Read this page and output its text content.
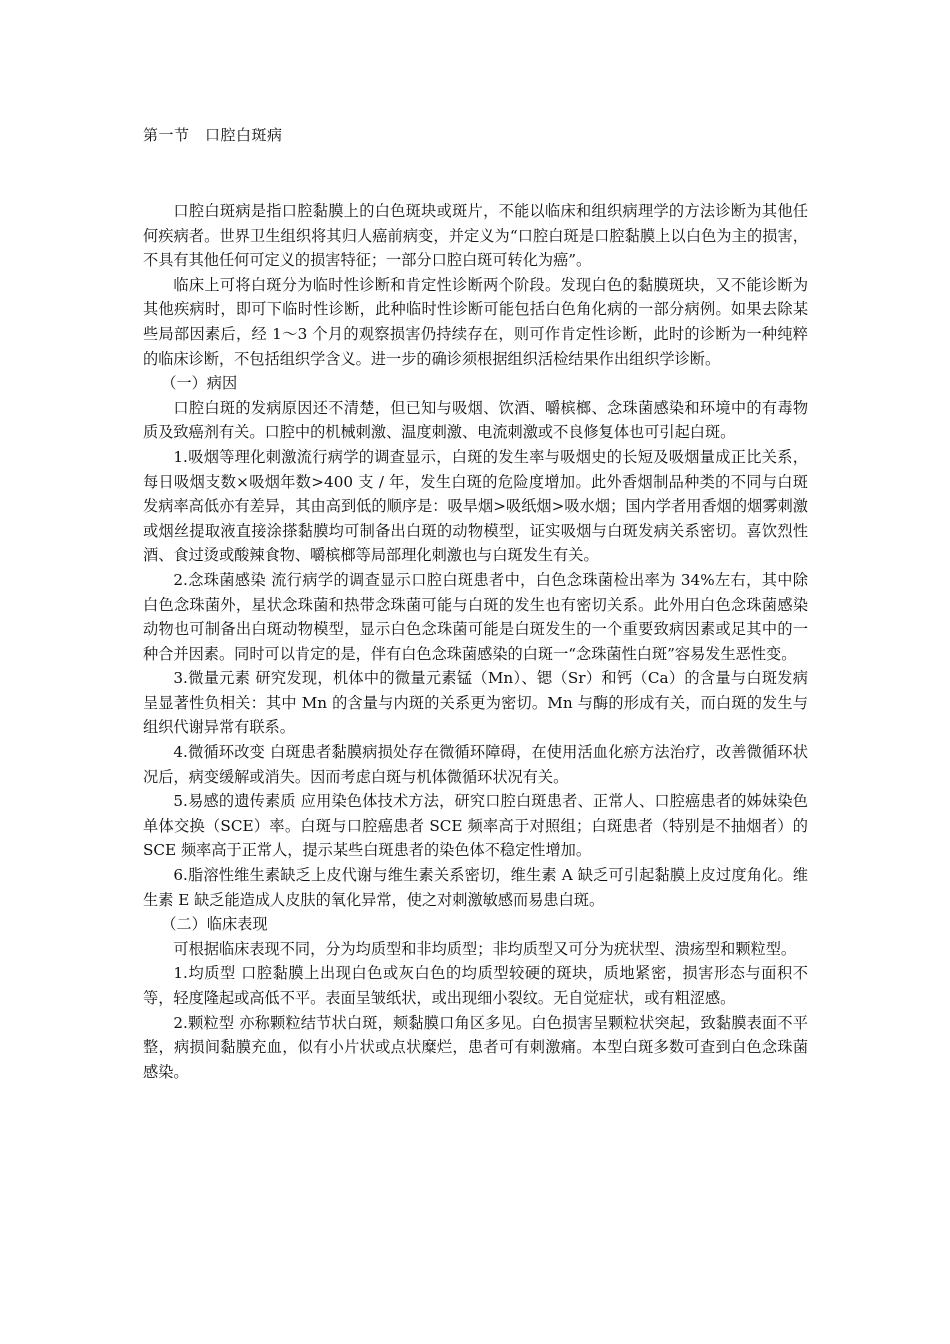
第一节　口腔白斑病

口腔白斑病是指口腔黏膜上的白色斑块或斑片，不能以临床和组织病理学的方法诊断为其他任何疾病者。世界卫生组织将其归人癌前病变，并定义为“口腔白斑是口腔黏膜上以白色为主的损害，不具有其他任何可定义的损害特征；一部分口腔白斑可转化为癌”。

临床上可将白斑分为临时性诊断和肯定性诊断两个阶段。发现白色的黏膜斑块，又不能诊断为其他疾病时，即可下临时性诊断，此种临时性诊断可能包括白色角化病的一部分病例。如果去除某些局部因素后，经 1～3 个月的观察损害仍持续存在，则可作肯定性诊断，此时的诊断为一种纯粹的临床诊断，不包括组织学含义。进一步的确诊须根据组织活检结果作出组织学诊断。

（一）病因

口腔白斑的发病原因还不清楚，但已知与吸烟、饮酒、嚼槟榔、念珠菌感染和环境中的有毒物质及致癌剂有关。口腔中的机械刺激、温度刺激、电流刺激或不良修复体也可引起白斑。

1.吸烟等理化刺激流行病学的调查显示，白斑的发生率与吸烟史的长短及吸烟量成正比关系，每日吸烟支数×吸烟年数>400 支 / 年，发生白斑的危险度增加。此外香烟制品种类的不同与白斑发病率高低亦有差异，其由高到低的顺序是：吸旱烟>吸纸烟>吸水烟；国内学者用香烟的烟雾刺激或烟丝提取液直接涂搽黏膜均可制备出白斑的动物模型，证实吸烟与白斑发病关系密切。喜饮烈性酒、食过烫或酸辣食物、嚼槟榔等局部理化刺激也与白斑发生有关。

2.念珠菌感染 流行病学的调查显示口腔白斑患者中，白色念珠菌检出率为 34%左右，其中除白色念珠菌外，星状念珠菌和热带念珠菌可能与白斑的发生也有密切关系。此外用白色念珠菌感染动物也可制备出白斑动物模型，显示白色念珠菌可能是白斑发生的一个重要致病因素或足其中的一种合并因素。同时可以肯定的是，伴有白色念珠菌感染的白斑一“念珠菌性白斑”容易发生恶性变。

3.微量元素 研究发现，机体中的微量元素锰（Mn）、锶（Sr）和钙（Ca）的含量与白斑发病呈显著性负相关：其中 Mn 的含量与内斑的关系更为密切。Mn 与酶的形成有关，而白斑的发生与组织代谢异常有联系。

4.微循环改变 白斑患者黏膜病损处存在微循环障碍，在使用活血化瘀方法治疗，改善微循环状况后，病变缓解或消失。因而考虑白斑与机体微循环状况有关。

5.易感的遗传素质 应用染色体技术方法，研究口腔白斑患者、正常人、口腔癌患者的姊妹染色单体交换（SCE）率。白斑与口腔癌患者 SCE 频率高于对照组；白斑患者（特别是不抽烟者）的 SCE 频率高于正常人，提示某些白斑患者的染色体不稳定性增加。

6.脂溶性维生素缺乏上皮代谢与维生素关系密切，维生素 A 缺乏可引起黏膜上皮过度角化。维生素 E 缺乏能造成人皮肤的氧化异常，使之对刺激敏感而易患白斑。

（二）临床表现

可根据临床表现不同，分为均质型和非均质型；非均质型又可分为疣状型、溃疡型和颗粒型。

1.均质型 口腔黏膜上出现白色或灰白色的均质型较硬的斑块，质地紧密，损害形态与面积不等，轻度隆起或高低不平。表面呈皱纸状，或出现细小裂纹。无自觉症状，或有粗涩感。

2.颗粒型 亦称颗粒结节状白斑，颊黏膜口角区多见。白色损害呈颗粒状突起，致黏膜表面不平整，病损间黏膜充血，似有小片状或点状糜烂，患者可有刺激痛。本型白斑多数可查到白色念珠菌感染。
